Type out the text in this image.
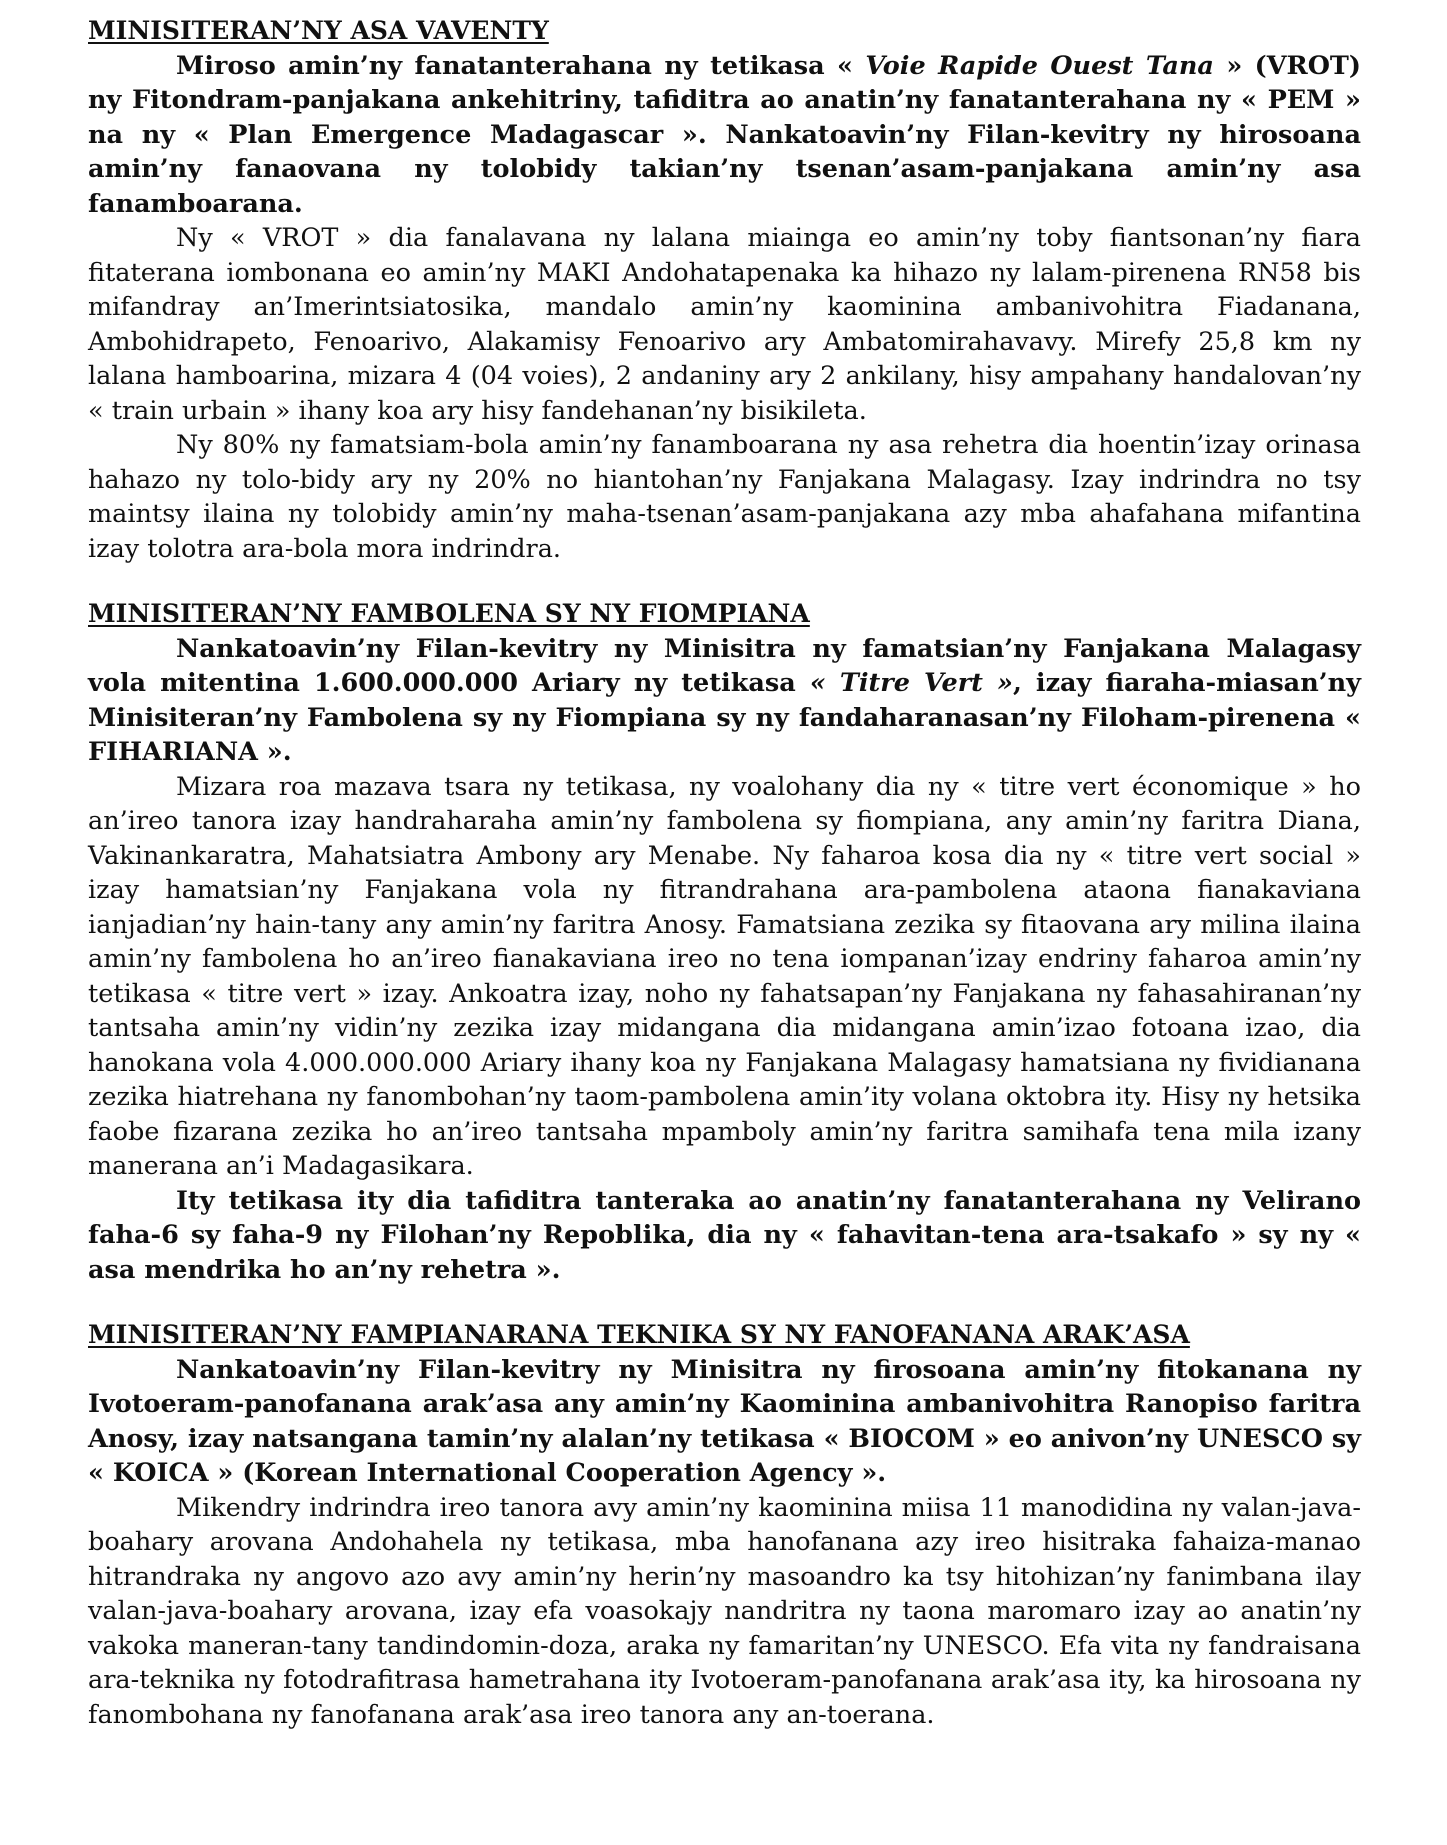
MINISITERAN’NY ASA VAVENTY

Miroso amin’ny fanatanterahana ny tetikasa « Voie Rapide Ouest Tana » (VROT) ny Fitondram-panjakana ankehitriny, tafiditra ao anatin’ny fanatanterahana ny « PEM » na ny « Plan Emergence Madagascar ». Nankatoavin’ny Filan-kevitry ny hirosoana amin’ny fanaovana ny tolobidy takian’ny tsenan’asam-panjakana amin’ny asa fanamboarana.

Ny « VROT » dia fanalavana ny lalana miainga eo amin’ny toby fiantsonan’ny fiara fitaterana iombonana eo amin’ny MAKI Andohatapenaka ka hihazo ny lalam-pirenena RN58 bis mifandray an’Imerintsiatosika, mandalo amin’ny kaominina ambanivohitra Fiadanana, Ambohidrapeto, Fenoarivo, Alakamisy Fenoarivo ary Ambatomirahavavy. Mirefy 25,8 km ny lalana hamboarina, mizara 4 (04 voies), 2 andaniny ary 2 ankilany, hisy ampahany handalovan’ny « train urbain » ihany koa ary hisy fandehanan’ny bisikileta.

Ny 80% ny famatsiam-bola amin’ny fanamboarana ny asa rehetra dia hoentin’izay orinasa hahazo ny tolo-bidy ary ny 20% no hiantohan’ny Fanjakana Malagasy. Izay indrindra no tsy maintsy ilaina ny tolobidy amin’ny maha-tsenan’asam-panjakana azy mba ahafahana mifantina izay tolotra ara-bola mora indrindra.

MINISITERAN’NY FAMBOLENA SY NY FIOMPIANA

Nankatoavin’ny Filan-kevitry ny Minisitra ny famatsian’ny Fanjakana Malagasy vola mitentina 1.600.000.000 Ariary ny tetikasa « Titre Vert », izay fiaraha-miasan’ny Minisiteran’ny Fambolena sy ny Fiompiana sy ny fandaharanasan’ny Filoham-pirenena « FIHARIANA ».

Mizara roa mazava tsara ny tetikasa, ny voalohany dia ny « titre vert économique » ho an’ireo tanora izay handraharaha amin’ny fambolena sy fiompiana, any amin’ny faritra Diana, Vakinankaratra, Mahatsiatra Ambony ary Menabe. Ny faharoa kosa dia ny « titre vert social » izay hamatsian’ny Fanjakana vola ny fitrandrahana ara-pambolena ataona fianakaviana ianjadian’ny hain-tany any amin’ny faritra Anosy. Famatsiana zezika sy fitaovana ary milina ilaina amin’ny fambolena ho an’ireo fianakaviana ireo no tena iompanan’izay endriny faharoa amin’ny tetikasa « titre vert » izay. Ankoatra izay, noho ny fahatsapan’ny Fanjakana ny fahasahiranan’ny tantsaha amin’ny vidin’ny zezika izay midangana dia midangana amin’izao fotoana izao, dia hanokana vola 4.000.000.000 Ariary ihany koa ny Fanjakana Malagasy hamatsiana ny fividianana zezika hiatrehana ny fanombohan’ny taom-pambolena amin’ity volana oktobra ity. Hisy ny hetsika faobe fizarana zezika ho an’ireo tantsaha mpamboly amin’ny faritra samihafa tena mila izany manerana an’i Madagasikara.

Ity tetikasa ity dia tafiditra tanteraka ao anatin’ny fanatanterahana ny Velirano faha-6 sy faha-9 ny Filohan’ny Repoblika, dia ny « fahavitan-tena ara-tsakafo » sy ny « asa mendrika ho an’ny rehetra ».

MINISITERAN’NY FAMPIANARANA TEKNIKA SY NY FANOFANANA ARAK’ASA

Nankatoavin’ny Filan-kevitry ny Minisitra ny firosoana amin’ny fitokanana ny Ivotoeram-panofanana arak’asa any amin’ny Kaominina ambanivohitra Ranopiso faritra Anosy, izay natsangana tamin’ny alalan’ny tetikasa « BIOCOM » eo anivon’ny UNESCO sy « KOICA » (Korean International Cooperation Agency ».

Mikendry indrindra ireo tanora avy amin’ny kaominina miisa 11 manodidina ny valan-java-boahary arovana Andohahela ny tetikasa, mba hanofanana azy ireo hisitraka fahaiza-manao hitrandraka ny angovo azo avy amin’ny herin’ny masoandro ka tsy hitohizan’ny fanimbana ilay valan-java-boahary arovana, izay efa voasokajy nandritra ny taona maromaro izay ao anatin’ny vakoka maneran-tany tandindomin-doza, araka ny famaritan’ny UNESCO. Efa vita ny fandraisana ara-teknika ny fotodrafitrasa hametrahana ity Ivotoeram-panofanana arak’asa ity, ka hirosoana ny fanombohana ny fanofanana arak’asa ireo tanora any an-toerana.
